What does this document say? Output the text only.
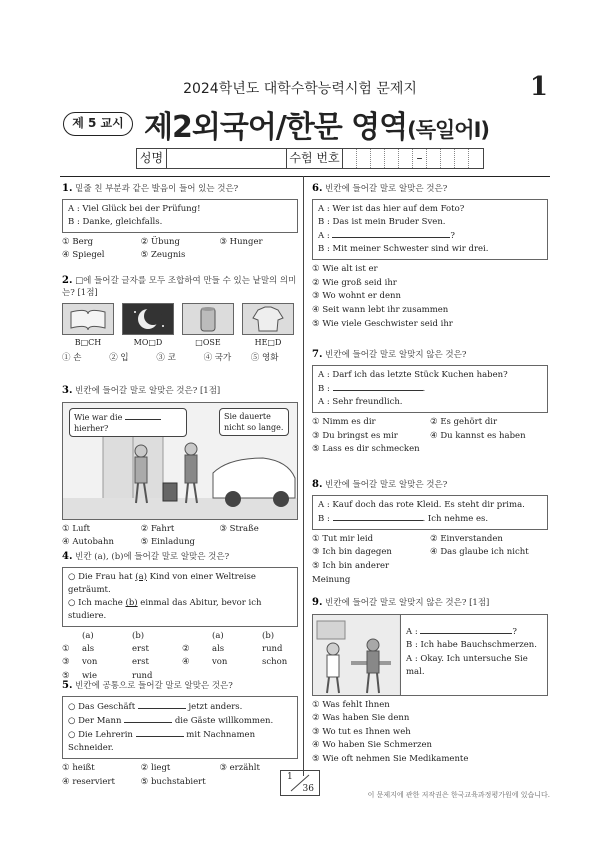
2024학년도 대학수학능력시험 문제지	1
제 5 교시 제2외국어/한문 영역(독일어Ⅰ)
성명	수험 번호	–
1. 밑줄 친 부분과 같은 발음이 들어 있는 것은?
A : Viel Glück bei der Prüfung!
B : Danke, gleichfalls.
① Berg	② Übung	③ Hunger
④ Spiegel	⑤ Zeugnis
2. □에 들어갈 글자를 모두 조합하여 만들 수 있는 낱말의 의미는? [1점]
B□CH	MO□D	□OSE	HE□D
① 손	② 입	③ 코	④ 국가	⑤ 영화
3. 빈칸에 들어갈 말로 알맞은 것은? [1점]
Wie war die  hierher?
Sie dauerte nicht so lange.
① Luft	② Fahrt	③ Straße
④ Autobahn	⑤ Einladung
4. 빈칸 (a), (b)에 들어갈 말로 알맞은 것은?
○ Die Frau hat (a) Kind von einer Weltreise geträumt.
○ Ich mache (b) einmal das Abitur, bevor ich studiere.
(a)	(b)	(a)	(b)
①	als	erst	②	als	rund
③	von	erst	④	von	schon
⑤	wie	rund
5. 빈칸에 공통으로 들어갈 말로 알맞은 것은?
○ Das Geschäft	jetzt anders.
○ Der Mann	die Gäste willkommen.
○ Die Lehrerin	mit Nachnamen Schneider.
① heißt	② liegt	③ erzählt
④ reserviert	⑤ buchstabiert
6. 빈칸에 들어갈 말로 알맞은 것은?
A : Wer ist das hier auf dem Foto?
B : Das ist mein Bruder Sven.
A :	?
B : Mit meiner Schwester sind wir drei.
① Wie alt ist er
② Wie groß seid ihr
③ Wo wohnt er denn
④ Seit wann lebt ihr zusammen
⑤ Wie viele Geschwister seid ihr
7. 빈칸에 들어갈 말로 알맞지 않은 것은?
A : Darf ich das letzte Stück Kuchen haben?
B :	.
A : Sehr freundlich.
① Nimm es dir	② Es gehört dir
③ Du bringst es mir	④ Du kannst es haben
⑤ Lass es dir schmecken
8. 빈칸에 들어갈 말로 알맞은 것은?
A : Kauf doch das rote Kleid. Es steht dir prima.
B :	. Ich nehme es.
① Tut mir leid	② Einverstanden
③ Ich bin dagegen	④ Das glaube ich nicht
⑤ Ich bin anderer Meinung
9. 빈칸에 들어갈 말로 알맞지 않은 것은? [1점]
A :	?
B : Ich habe Bauchschmerzen.
A : Okay. Ich untersuche Sie mal.
① Was fehlt Ihnen
② Was haben Sie denn
③ Wo tut es Ihnen weh
④ Wo haben Sie Schmerzen
⑤ Wie oft nehmen Sie Medikamente
1
36
이 문제지에 관한 저작권은 한국교육과정평가원에 있습니다.
